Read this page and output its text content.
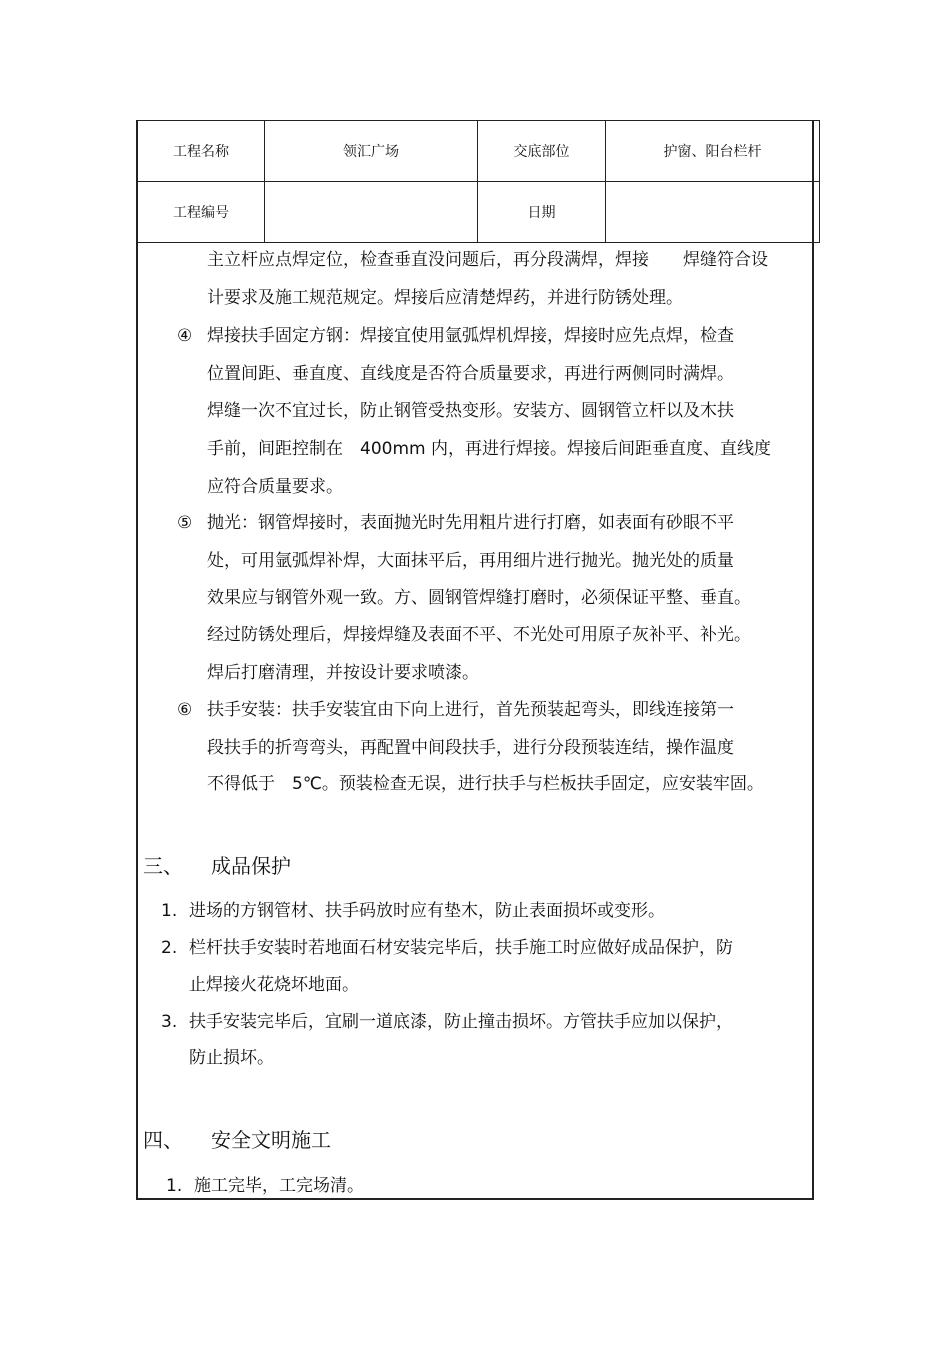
工程名称	领汇广场	交底部位	护窗、阳台栏杆
工程编号		日期	
主立杆应点焊定位，检查垂直没问题后，再分段满焊，焊接　　焊缝符合设
计要求及施工规范规定。焊接后应清楚焊药，并进行防锈处理。
④ 焊接扶手固定方钢：焊接宜使用氩弧焊机焊接，焊接时应先点焊，检查
位置间距、垂直度、直线度是否符合质量要求，再进行两侧同时满焊。
焊缝一次不宜过长，防止钢管受热变形。安装方、圆钢管立杆以及木扶
手前，间距控制在　400mm 内，再进行焊接。焊接后间距垂直度、直线度
应符合质量要求。
⑤ 抛光：钢管焊接时，表面抛光时先用粗片进行打磨，如表面有砂眼不平
处，可用氩弧焊补焊，大面抹平后，再用细片进行抛光。抛光处的质量
效果应与钢管外观一致。方、圆钢管焊缝打磨时，必须保证平整、垂直。
经过防锈处理后，焊接焊缝及表面不平、不光处可用原子灰补平、补光。
焊后打磨清理，并按设计要求喷漆。
⑥ 扶手安装：扶手安装宜由下向上进行，首先预装起弯头，即线连接第一
段扶手的折弯弯头，再配置中间段扶手，进行分段预装连结，操作温度
不得低于　5℃。预装检查无误，进行扶手与栏板扶手固定，应安装牢固。
三、 成品保护
1. 进场的方钢管材、扶手码放时应有垫木，防止表面损坏或变形。
2. 栏杆扶手安装时若地面石材安装完毕后，扶手施工时应做好成品保护，防
止焊接火花烧坏地面。
3. 扶手安装完毕后，宜刷一道底漆，防止撞击损坏。方管扶手应加以保护，
防止损坏。
四、 安全文明施工
1. 施工完毕，工完场清。
